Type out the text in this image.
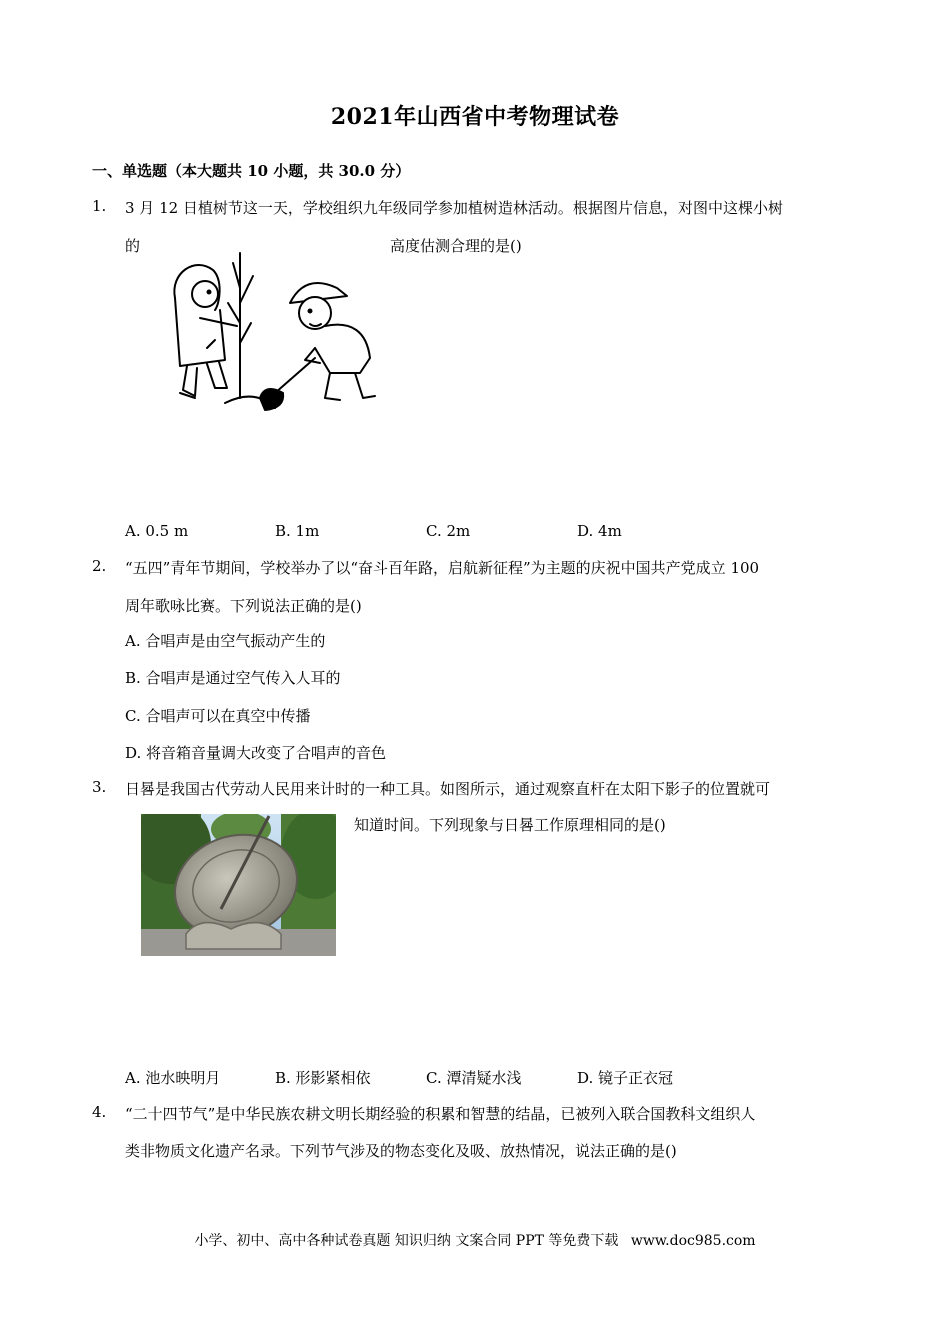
2021年山西省中考物理试卷
一、单选题（本大题共 10 小题，共 30.0 分）
1. 3 月 12 日植树节这一天，学校组织九年级同学参加植树造林活动。根据图片信息，对图中这棵小树
的	高度估测合理的是()
A. 0.5 m	B. 1m	C. 2m	D. 4m
2. “五四”青年节期间，学校举办了以“奋斗百年路，启航新征程”为主题的庆祝中国共产党成立 100
周年歌咏比赛。下列说法正确的是()
A. 合唱声是由空气振动产生的
B. 合唱声是通过空气传入人耳的
C. 合唱声可以在真空中传播
D. 将音箱音量调大改变了合唱声的音色
3. 日晷是我国古代劳动人民用来计时的一种工具。如图所示，通过观察直杆在太阳下影子的位置就可
知道时间。下列现象与日晷工作原理相同的是()
A. 池水映明月	B. 形影紧相依	C. 潭清疑水浅	D. 镜子正衣冠
4. “二十四节气”是中华民族农耕文明长期经验的积累和智慧的结晶，已被列入联合国教科文组织人
类非物质文化遗产名录。下列节气涉及的物态变化及吸、放热情况，说法正确的是()
小学、初中、高中各种试卷真题 知识归纳 文案合同 PPT 等免费下载 www.doc985.com
